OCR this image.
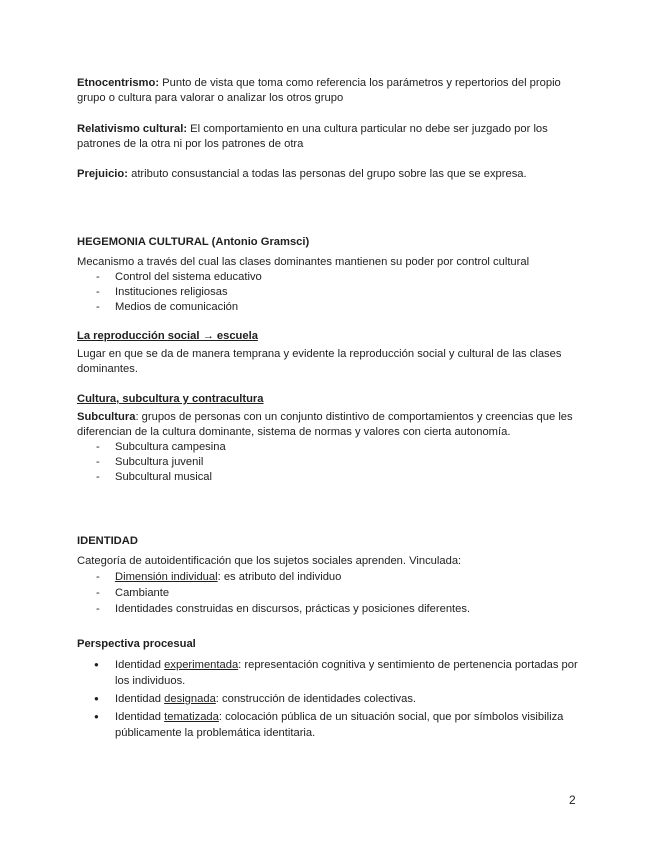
Etnocentrismo: Punto de vista que toma como referencia los parámetros y repertorios del propio grupo o cultura para valorar o analizar los otros grupo
Relativismo cultural: El comportamiento en una cultura particular no debe ser juzgado por los patrones de la otra ni por los patrones de otra
Prejuicio: atributo consustancial a todas las personas del grupo sobre las que se expresa.
HEGEMONIA CULTURAL (Antonio Gramsci)
Mecanismo a través del cual las clases dominantes mantienen su poder por control cultural
- Control del sistema educativo
- Instituciones religiosas
- Medios de comunicación
La reproducción social → escuela
Lugar en que se da de manera temprana y evidente la reproducción social y cultural de las clases dominantes.
Cultura, subcultura y contracultura
Subcultura: grupos de personas con un conjunto distintivo de comportamientos y creencias que les diferencian de la cultura dominante, sistema de normas y valores con cierta autonomía.
- Subcultura campesina
- Subcultura juvenil
- Subcultural musical
IDENTIDAD
Categoría de autoidentificación que los sujetos sociales aprenden. Vinculada:
- Dimensión individual: es atributo del individuo
- Cambiante
- Identidades construidas en discursos, prácticas y posiciones diferentes.
Perspectiva procesual
● Identidad experimentada: representación cognitiva y sentimiento de pertenencia portadas por los individuos.
● Identidad designada: construcción de identidades colectivas.
● Identidad tematizada: colocación pública de un situación social, que por símbolos visibiliza públicamente la problemática identitaria.
2
